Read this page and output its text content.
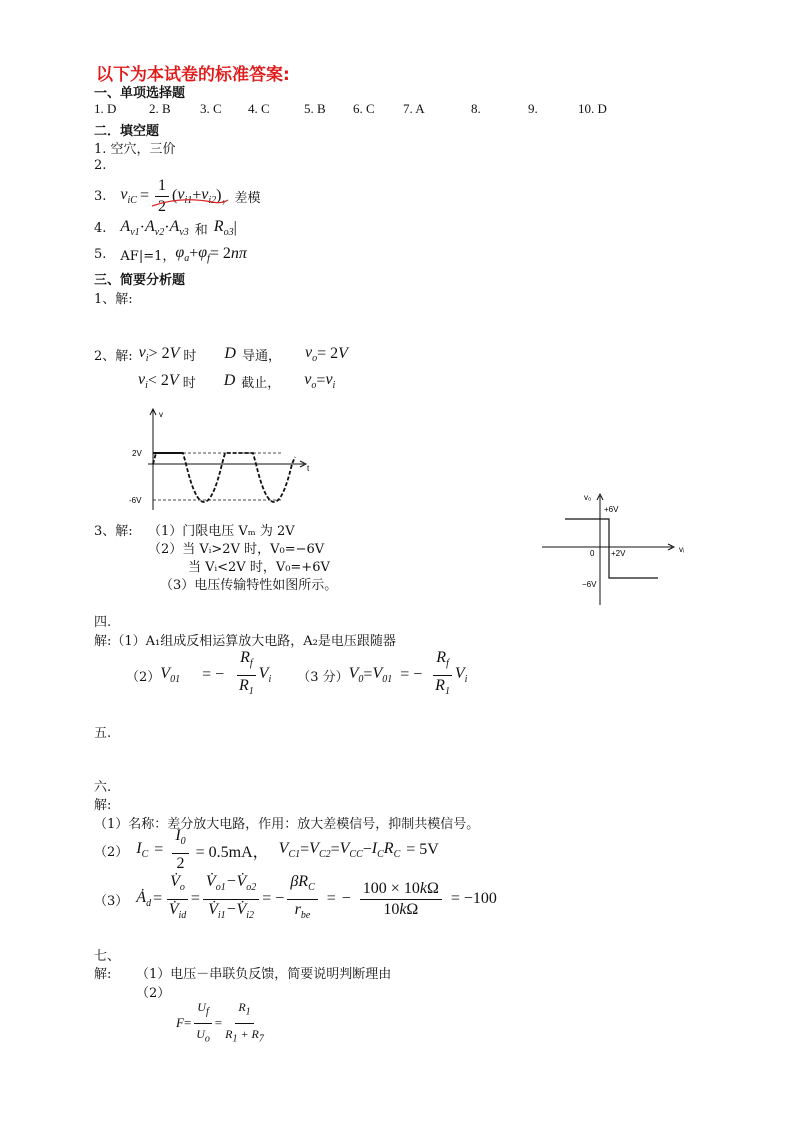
以下为本试卷的标准答案:
一、单项选择题
1. D	2. B 3. C 4. C	5. B 6. C 7. A	8.	9.	10. D
二．填空题
1. 空穴，三价
2.
3. $v_{iC} = \frac{1}{2}$ ( $v_{i1} + v_{i2}$ ) ，差模
4. $A_{v1} \cdot A_{v2} \cdot A_{v3}$ 和 $R_{o3}$ |
5. AF|=1， $\varphi_a + \varphi_f = 2$ nπ
三、简要分析题
1、解:
2、解: $v_i > 2$ V 时 D 导通， $v_o = 2$ V
$v_i < 2$ V 时 D 截止， $v_o = v_i$
v
t
2V
-6V	v₀
vᵢ
+6V
0 +2V
−6V
3、解: （1）门限电压 Vₘ 为 2V
（2）当 Vᵢ>2V 时，V₀=−6V
当 Vᵢ<2V 时，V₀=+6V
（3）电压传输特性如图所示。
四.
解:（1）A₁组成反相运算放大电路，A₂是电压跟随器
（2） $V_{01}$ = − $\frac{R_f}{R_1} V_i$ （3 分） $V_0 = V_{01}$ = − $\frac{R_f}{R_1} V_i$
五.
六.
解:
（1）名称：差分放大电路，作用：放大差模信号，抑制共模信号。
（2） $I_C = \frac{I_0}{2} = 0.5mA$， $V_{C1} = V_{C2} = V_{CC} - I_CR_C = 5V$
（3） $Ȧ_d = \frac{V̇_o}{V̇_{id}} = \frac{V̇_{o1}-V̇_{o2}}{V̇_{i1}-V̇_{i2}}$ = − $\frac{\beta R_C}{r_{be}}$ = − $\frac{100 \times 10k\Omega}{10k\Omega} = -100$
七、
解: （1）电压－串联负反馈，简要说明判断理由
（2）
$F = \frac{U_f}{U_o} = \frac{R_1}{R_1 + R_7}$
